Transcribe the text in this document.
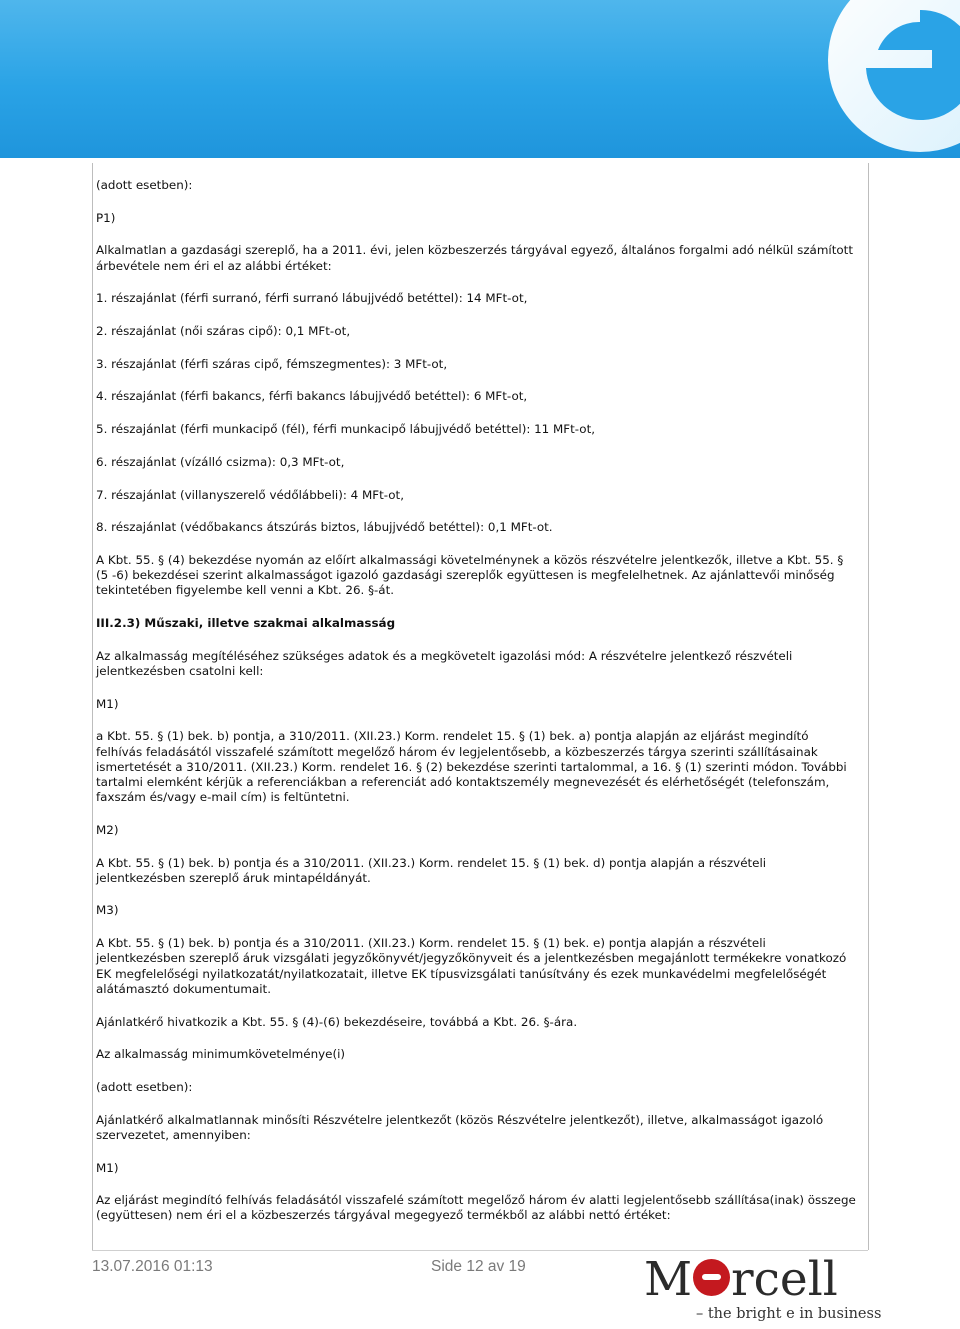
(adott esetben):

P1)

Alkalmatlan a gazdasági szereplő, ha a 2011. évi, jelen közbeszerzés tárgyával egyező, általános forgalmi adó nélkül számított árbevétele nem éri el az alábbi értéket:

1. részajánlat (férfi surranó, férfi surranó lábujjvédő betéttel): 14 MFt-ot,

2. részajánlat (női száras cipő): 0,1 MFt-ot,

3. részajánlat (férfi száras cipő, fémszegmentes): 3 MFt-ot,

4. részajánlat (férfi bakancs, férfi bakancs lábujjvédő betéttel): 6 MFt-ot,

5. részajánlat (férfi munkacipő (fél), férfi munkacipő lábujjvédő betéttel): 11 MFt-ot,

6. részajánlat (vízálló csizma): 0,3 MFt-ot,

7. részajánlat (villanyszerelő védőlábbeli): 4 MFt-ot,

8. részajánlat (védőbakancs átszúrás biztos, lábujjvédő betéttel): 0,1 MFt-ot.

A Kbt. 55. § (4) bekezdése nyomán az előírt alkalmassági követelménynek a közös részvételre jelentkezők, illetve a Kbt. 55. § (5 -6) bekezdései szerint alkalmasságot igazoló gazdasági szereplők együttesen is megfelelhetnek. Az ajánlattevői minőség tekintetében figyelembe kell venni a Kbt. 26. §-át.

III.2.3) Műszaki, illetve szakmai alkalmasság

Az alkalmasság megítéléséhez szükséges adatok és a megkövetelt igazolási mód: A részvételre jelentkező részvételi jelentkezésben csatolni kell:

M1)

a Kbt. 55. § (1) bek. b) pontja, a 310/2011. (XII.23.) Korm. rendelet 15. § (1) bek. a) pontja alapján az eljárást megindító felhívás feladásától visszafelé számított megelőző három év legjelentősebb, a közbeszerzés tárgya szerinti szállításainak ismertetését a 310/2011. (XII.23.) Korm. rendelet 16. § (2) bekezdése szerinti tartalommal, a 16. § (1) szerinti módon. További tartalmi elemként kérjük a referenciákban a referenciát adó kontaktszemély megnevezését és elérhetőségét (telefonszám, faxszám és/vagy e-mail cím) is feltüntetni.

M2)

A Kbt. 55. § (1) bek. b) pontja és a 310/2011. (XII.23.) Korm. rendelet 15. § (1) bek. d) pontja alapján a részvételi jelentkezésben szereplő áruk mintapéldányát.

M3)

A Kbt. 55. § (1) bek. b) pontja és a 310/2011. (XII.23.) Korm. rendelet 15. § (1) bek. e) pontja alapján a részvételi jelentkezésben szereplő áruk vizsgálati jegyzőkönyvét/jegyzőkönyveit és a jelentkezésben megajánlott termékekre vonatkozó EK megfelelőségi nyilatkozatát/nyilatkozatait, illetve EK típusvizsgálati tanúsítvány és ezek munkavédelmi megfelelőségét alátámasztó dokumentumait.

Ajánlatkérő hivatkozik a Kbt. 55. § (4)-(6) bekezdéseire, továbbá a Kbt. 26. §-ára.

Az alkalmasság minimumkövetelménye(i)

(adott esetben):

Ajánlatkérő alkalmatlannak minősíti Részvételre jelentkezőt (közös Részvételre jelentkezőt), illetve, alkalmasságot igazoló szervezetet, amennyiben:

M1)

Az eljárást megindító felhívás feladásától visszafelé számított megelőző három év alatti legjelentősebb szállítása(inak) összege (együttesen) nem éri el a közbeszerzés tárgyával megegyező termékből az alábbi nettó értéket:

13.07.2016 01:13	Side 12 av 19	M rcell
– the bright e in business
